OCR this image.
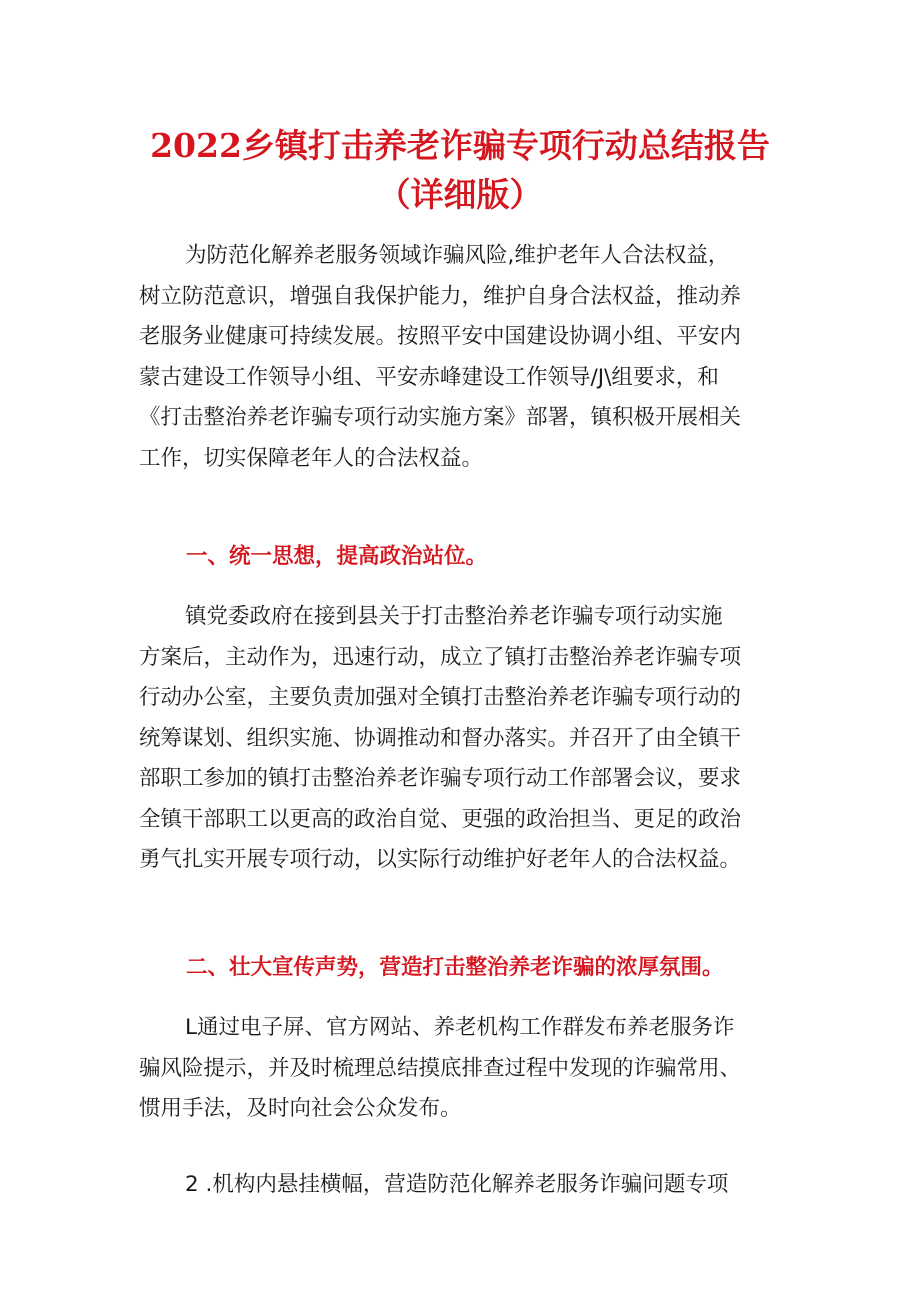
2022乡镇打击养老诈骗专项行动总结报告
（详细版）

为防范化解养老服务领域诈骗风险,维护老年人合法权益，
树立防范意识，增强自我保护能力，维护自身合法权益，推动养
老服务业健康可持续发展。按照平安中国建设协调小组、平安内
蒙古建设工作领导小组、平安赤峰建设工作领导/J\组要求，和
《打击整治养老诈骗专项行动实施方案》部署，镇积极开展相关
工作，切实保障老年人的合法权益。

一、统一思想，提高政治站位。

镇党委政府在接到县关于打击整治养老诈骗专项行动实施
方案后，主动作为，迅速行动，成立了镇打击整治养老诈骗专项
行动办公室，主要负责加强对全镇打击整治养老诈骗专项行动的
统筹谋划、组织实施、协调推动和督办落实。并召开了由全镇干
部职工参加的镇打击整治养老诈骗专项行动工作部署会议，要求
全镇干部职工以更高的政治自觉、更强的政治担当、更足的政治
勇气扎实开展专项行动，以实际行动维护好老年人的合法权益。

二、壮大宣传声势，营造打击整治养老诈骗的浓厚氛围。

L通过电子屏、官方网站、养老机构工作群发布养老服务诈
骗风险提示，并及时梳理总结摸底排查过程中发现的诈骗常用、
惯用手法，及时向社会公众发布。

2 .机构内悬挂横幅，营造防范化解养老服务诈骗问题专项
